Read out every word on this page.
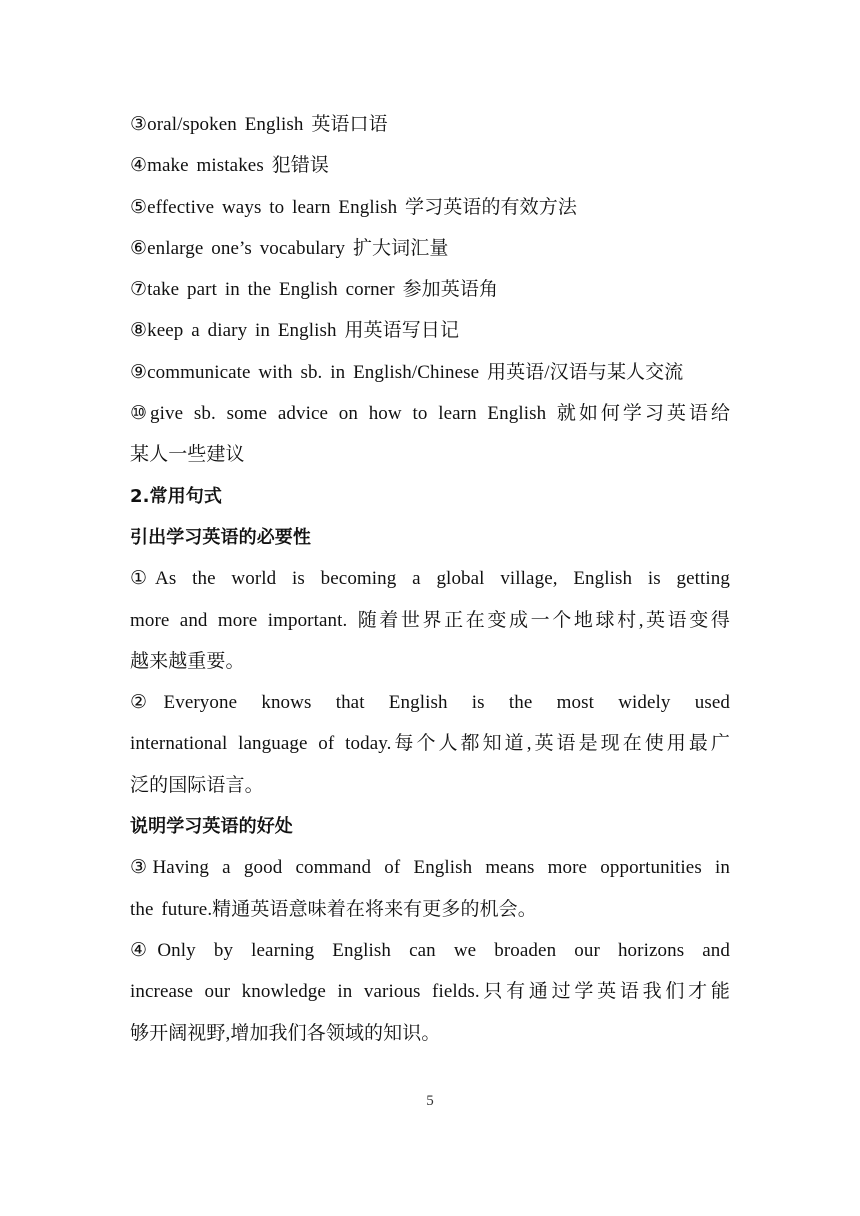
③oral/spoken English 英语口语
④make mistakes 犯错误
⑤effective ways to learn English 学习英语的有效方法
⑥enlarge one’s vocabulary 扩大词汇量
⑦take part in the English corner 参加英语角
⑧keep a diary in English 用英语写日记
⑨communicate with sb. in English/Chinese 用英语/汉语与某人交流
⑩give sb. some advice on how to learn English 就如何学习英语给
某人一些建议
2.常用句式
引出学习英语的必要性
①As the world is becoming a global village, English is getting
more and more important. 随着世界正在变成一个地球村,英语变得
越来越重要。
②Everyone knows that English is the most widely used
international language of today.每个人都知道,英语是现在使用最广
泛的国际语言。
说明学习英语的好处
③Having a good command of English means more opportunities in
the future.精通英语意味着在将来有更多的机会。
④Only by learning English can we broaden our horizons and
increase our knowledge in various fields.只有通过学英语我们才能
够开阔视野,增加我们各领域的知识。
5
